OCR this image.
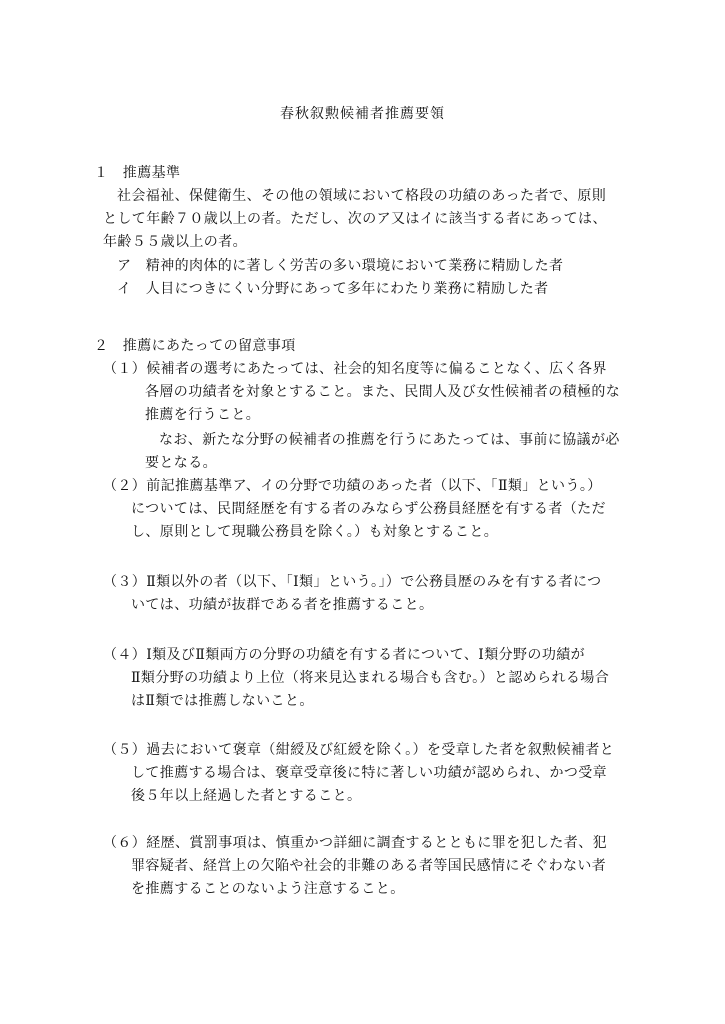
春秋叙勲候補者推薦要領
１　推薦基準
社会福祉、保健衛生、その他の領域において格段の功績のあった者で、原則
として年齢７０歳以上の者。ただし、次のア又はイに該当する者にあっては、
年齢５５歳以上の者。
ア　精神的肉体的に著しく労苦の多い環境において業務に精励した者
イ　人目につきにくい分野にあって多年にわたり業務に精励した者
２　推薦にあたっての留意事項
（１）候補者の選考にあたっては、社会的知名度等に偏ることなく、広く各界
各層の功績者を対象とすること。また、民間人及び女性候補者の積極的な
推薦を行うこと。
なお、新たな分野の候補者の推薦を行うにあたっては、事前に協議が必
要となる。
（２）前記推薦基準ア、イの分野で功績のあった者（以下、「Ⅱ類」という。）
については、民間経歴を有する者のみならず公務員経歴を有する者（ただ
し、原則として現職公務員を除く。）も対象とすること。
（３）Ⅱ類以外の者（以下、「Ⅰ類」という。」）で公務員歴のみを有する者につ
いては、功績が抜群である者を推薦すること。
（４）Ⅰ類及びⅡ類両方の分野の功績を有する者について、Ⅰ類分野の功績が
Ⅱ類分野の功績より上位（将来見込まれる場合も含む。）と認められる場合
はⅡ類では推薦しないこと。
（５）過去において褒章（紺綬及び紅綬を除く。）を受章した者を叙勲候補者と
して推薦する場合は、褒章受章後に特に著しい功績が認められ、かつ受章
後５年以上経過した者とすること。
（６）経歴、賞罰事項は、慎重かつ詳細に調査するとともに罪を犯した者、犯
罪容疑者、経営上の欠陥や社会的非難のある者等国民感情にそぐわない者
を推薦することのないよう注意すること。
